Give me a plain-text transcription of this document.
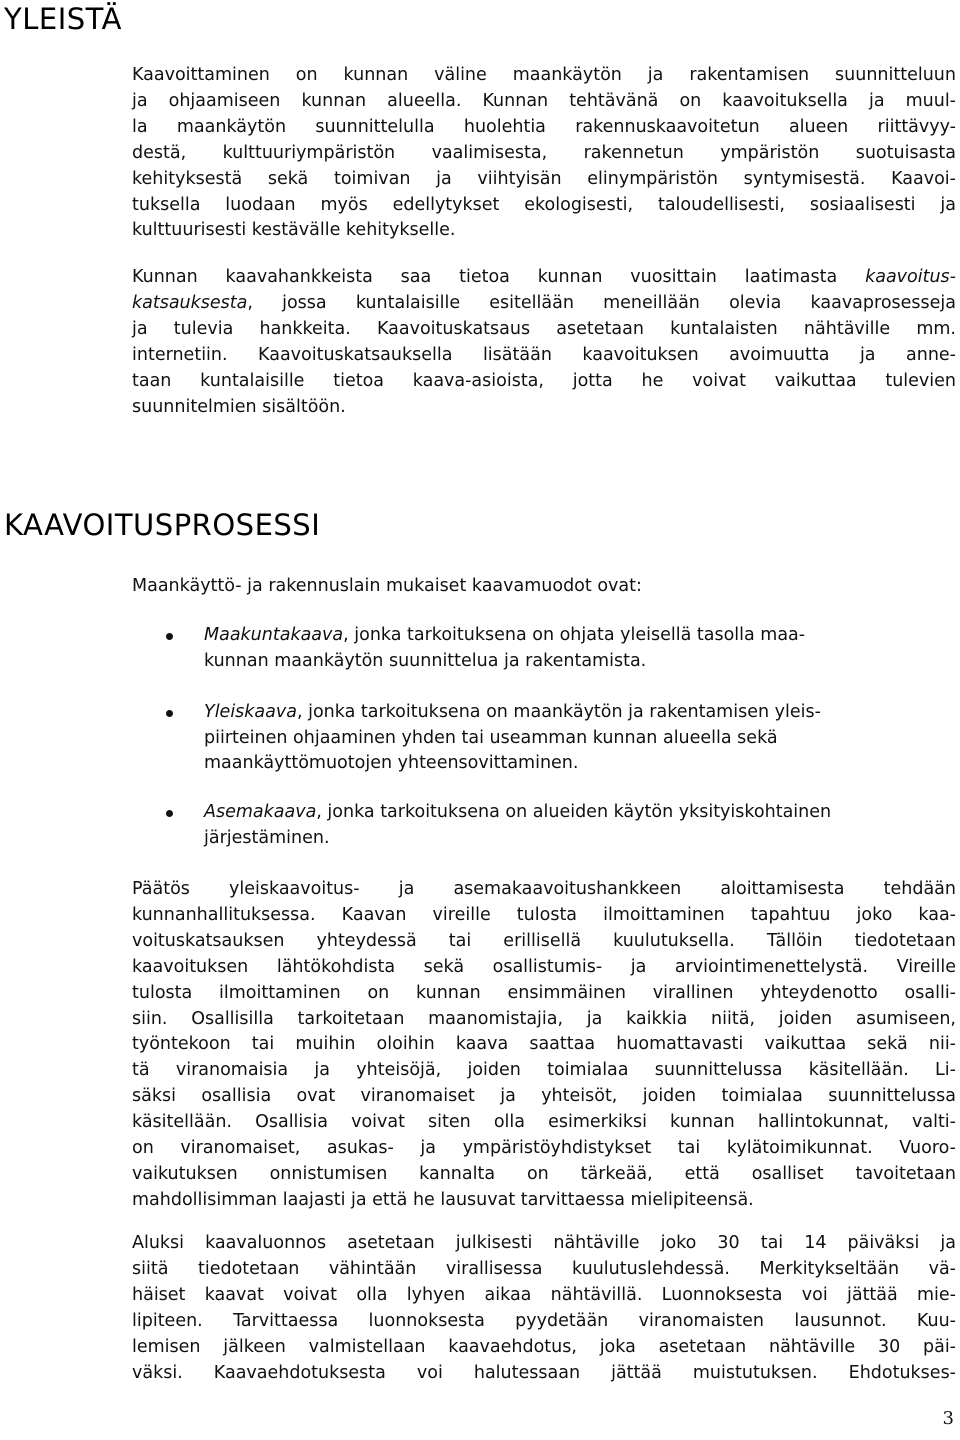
YLEISTÄ
Kaavoittaminen on kunnan väline maankäytön ja rakentamisen suunnitteluun
ja ohjaamiseen kunnan alueella. Kunnan tehtävänä on kaavoituksella ja muul-
la maankäytön suunnittelulla huolehtia rakennuskaavoitetun alueen riittävyy-
destä, kulttuuriympäristön vaalimisesta, rakennetun ympäristön suotuisasta
kehityksestä sekä toimivan ja viihtyisän elinympäristön syntymisestä. Kaavoi-
tuksella luodaan myös edellytykset ekologisesti, taloudellisesti, sosiaalisesti ja
kulttuurisesti kestävälle kehitykselle.
Kunnan kaavahankkeista saa tietoa kunnan vuosittain laatimasta kaavoitus-
katsauksesta, jossa kuntalaisille esitellään meneillään olevia kaavaprosesseja
ja tulevia hankkeita. Kaavoituskatsaus asetetaan kuntalaisten nähtäville mm.
internetiin. Kaavoituskatsauksella lisätään kaavoituksen avoimuutta ja anne-
taan kuntalaisille tietoa kaava-asioista, jotta he voivat vaikuttaa tulevien
suunnitelmien sisältöön.
KAAVOITUSPROSESSI

Maankäyttö- ja rakennuslain mukaiset kaavamuodot ovat:

Maakuntakaava, jonka tarkoituksena on ohjata yleisellä tasolla maa-
kunnan maankäytön suunnittelua ja rakentamista.
Yleiskaava, jonka tarkoituksena on maankäytön ja rakentamisen yleis-
piirteinen ohjaaminen yhden tai useamman kunnan alueella sekä
maankäyttömuotojen yhteensovittaminen.
Asemakaava, jonka tarkoituksena on alueiden käytön yksityiskohtainen
järjestäminen.
Päätös yleiskaavoitus- ja asemakaavoitushankkeen aloittamisesta tehdään
kunnanhallituksessa. Kaavan vireille tulosta ilmoittaminen tapahtuu joko kaa-
voituskatsauksen yhteydessä tai erillisellä kuulutuksella. Tällöin tiedotetaan
kaavoituksen lähtökohdista sekä osallistumis- ja arviointimenettelystä. Vireille
tulosta ilmoittaminen on kunnan ensimmäinen virallinen yhteydenotto osalli-
siin. Osallisilla tarkoitetaan maanomistajia, ja kaikkia niitä, joiden asumiseen,
työntekoon tai muihin oloihin kaava saattaa huomattavasti vaikuttaa sekä nii-
tä viranomaisia ja yhteisöjä, joiden toimialaa suunnittelussa käsitellään. Li-
säksi osallisia ovat viranomaiset ja yhteisöt, joiden toimialaa suunnittelussa
käsitellään. Osallisia voivat siten olla esimerkiksi kunnan hallintokunnat, valti-
on viranomaiset, asukas- ja ympäristöyhdistykset tai kylätoimikunnat. Vuoro-
vaikutuksen onnistumisen kannalta on tärkeää, että osalliset tavoitetaan
mahdollisimman laajasti ja että he lausuvat tarvittaessa mielipiteensä.
Aluksi kaavaluonnos asetetaan julkisesti nähtäville joko 30 tai 14 päiväksi ja
siitä tiedotetaan vähintään virallisessa kuulutuslehdessä. Merkitykseltään vä-
häiset kaavat voivat olla lyhyen aikaa nähtävillä. Luonnoksesta voi jättää mie-
lipiteen. Tarvittaessa luonnoksesta pyydetään viranomaisten lausunnot. Kuu-
lemisen jälkeen valmistellaan kaavaehdotus, joka asetetaan nähtäville 30 päi-
väksi. Kaavaehdotuksesta voi halutessaan jättää muistutuksen. Ehdotukses-
3
